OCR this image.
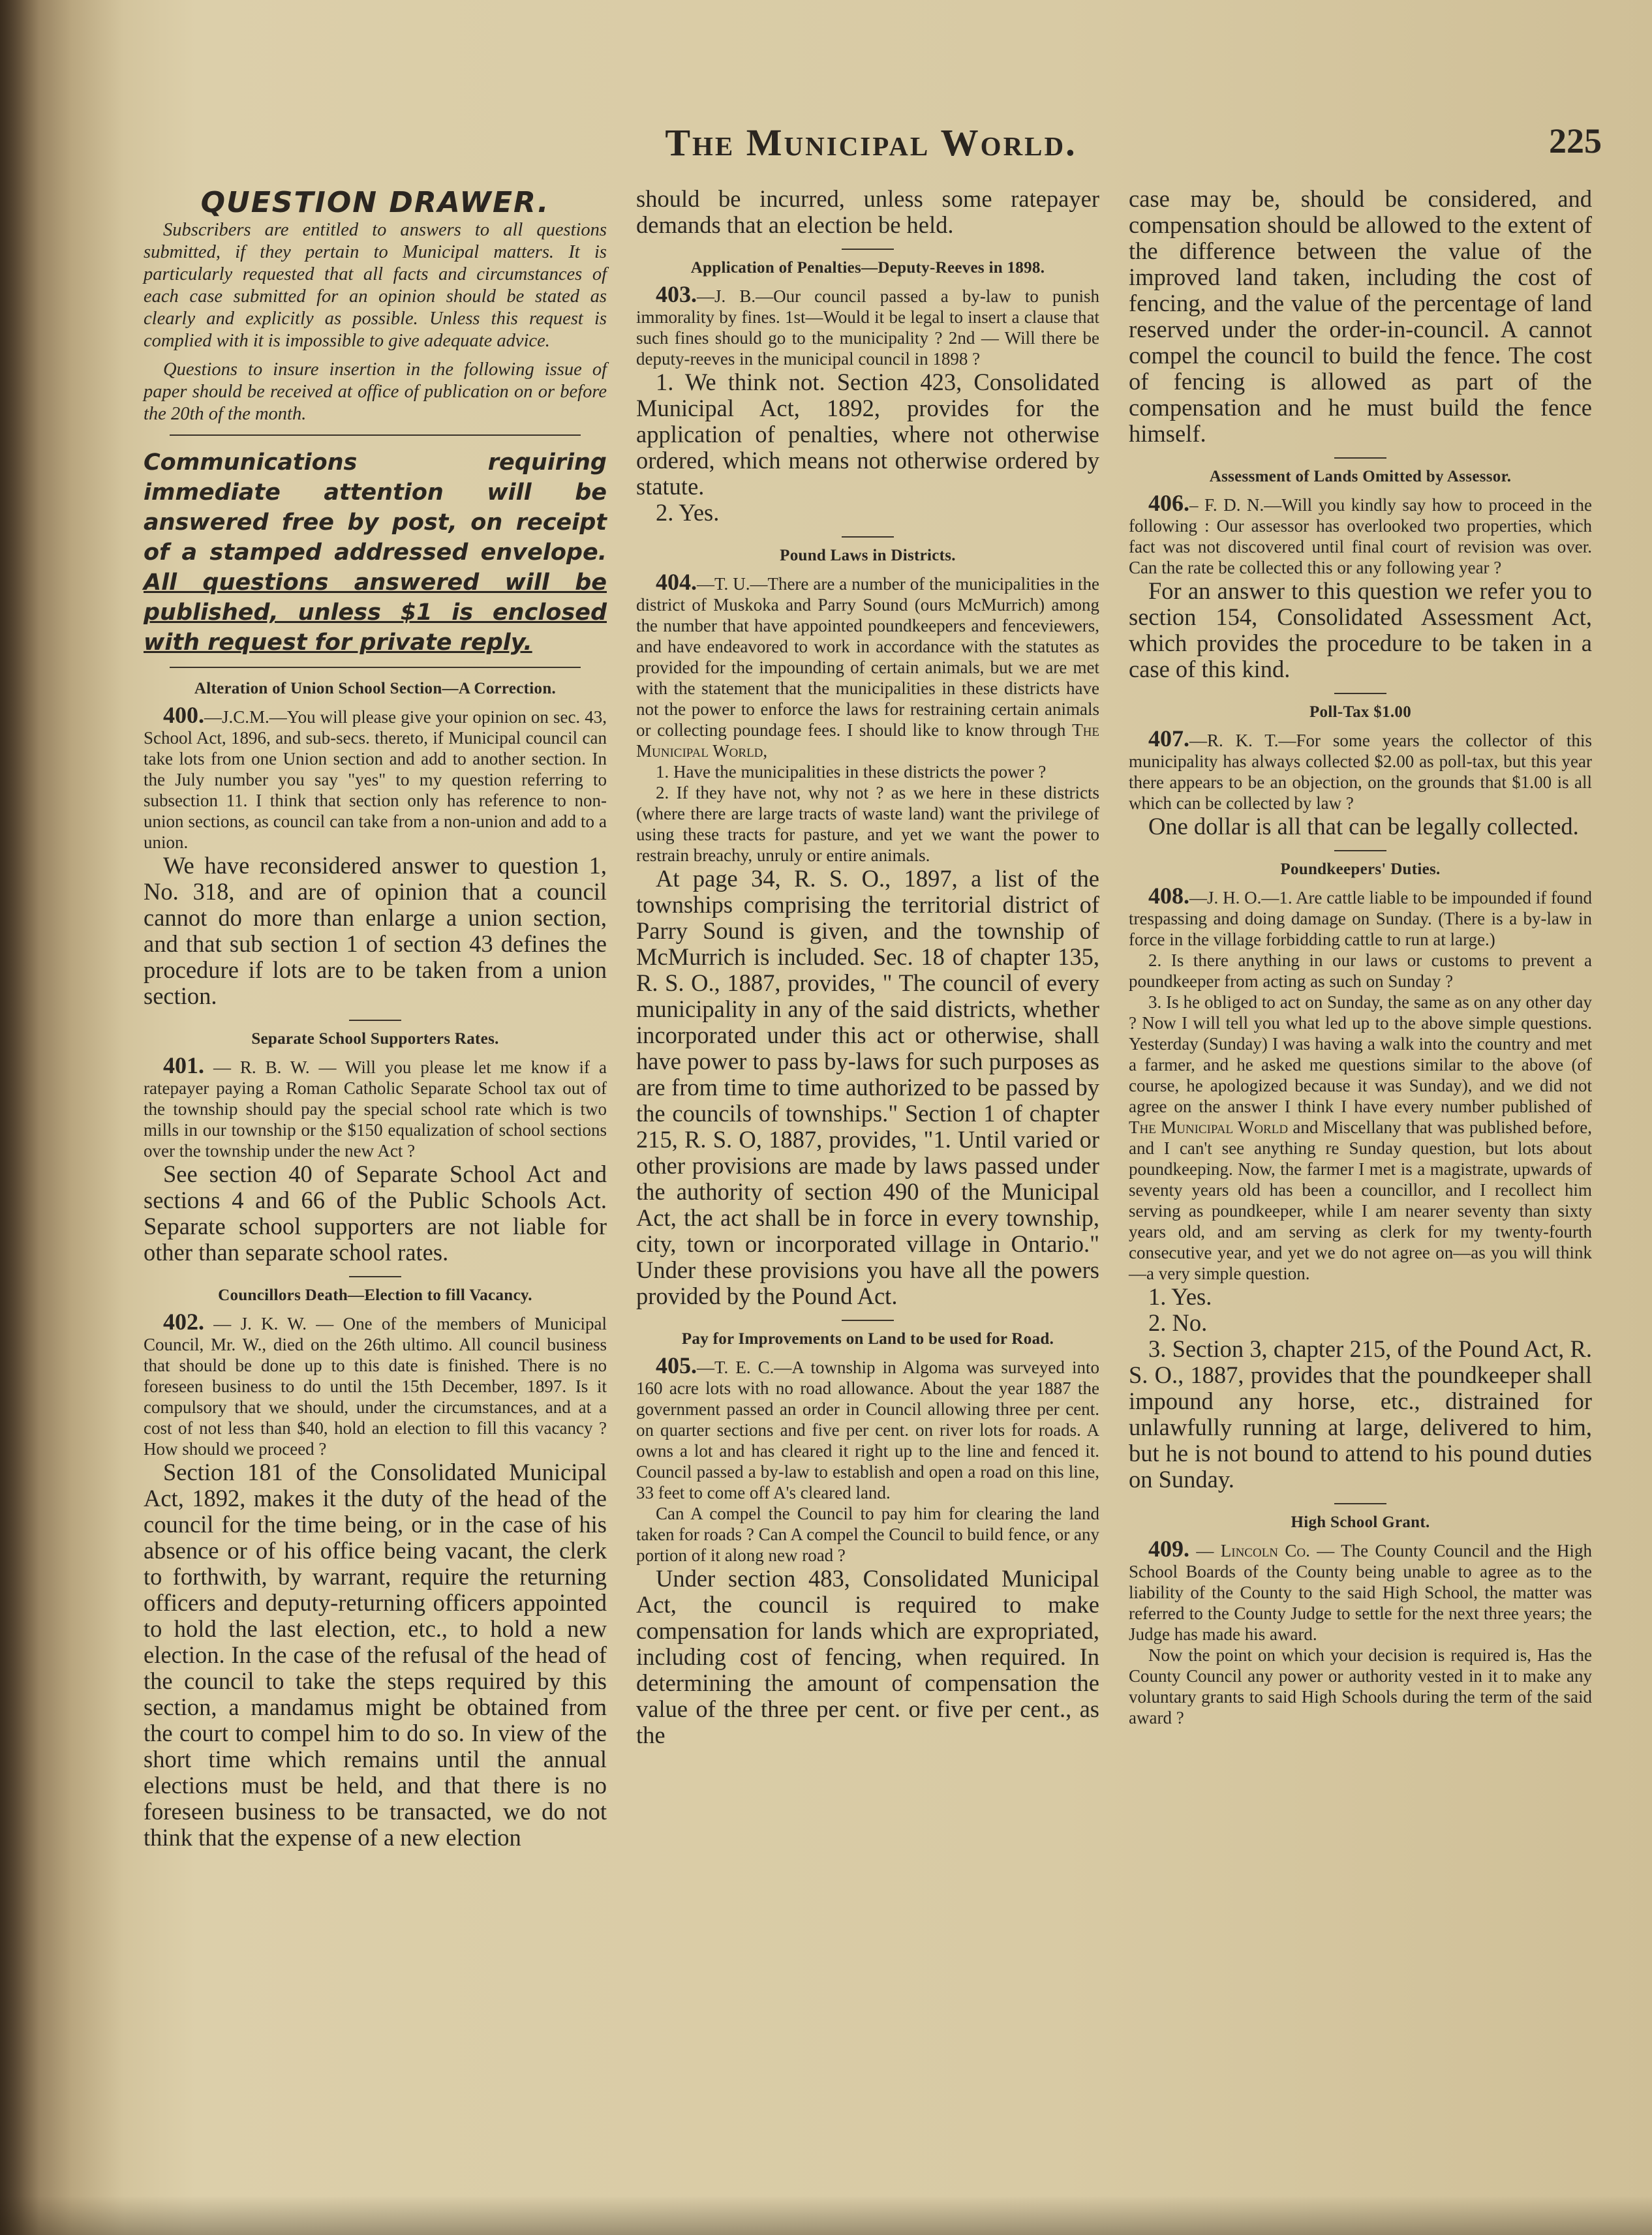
The Municipal World.	225

QUESTION DRAWER.

Subscribers are entitled to answers to all questions submitted, if they pertain to Municipal matters. It is particularly requested that all facts and circumstances of each case submitted for an opinion should be stated as clearly and explicitly as possible. Unless this request is complied with it is impossible to give adequate advice.

Questions to insure insertion in the following issue of paper should be received at office of publication on or before the 20th of the month.

Communications requiring immediate attention will be answered free by post, on receipt of a stamped addressed envelope. All questions answered will be published, unless $1 is enclosed with request for private reply.

Alteration of Union School Section—A Correction.

400.—J.C.M.—You will please give your opinion on sec. 43, School Act, 1896, and sub-secs. thereto, if Municipal council can take lots from one Union section and add to another section. In the July number you say "yes" to my question referring to subsection 11. I think that section only has reference to non-union sections, as council can take from a non-union and add to a union.

We have reconsidered answer to question 1, No. 318, and are of opinion that a council cannot do more than enlarge a union section, and that sub section 1 of section 43 defines the procedure if lots are to be taken from a union section.

Separate School Supporters Rates.

401. — R. B. W. — Will you please let me know if a ratepayer paying a Roman Catholic Separate School tax out of the township should pay the special school rate which is two mills in our township or the $150 equalization of school sections over the township under the new Act ?

See section 40 of Separate School Act and sections 4 and 66 of the Public Schools Act. Separate school supporters are not liable for other than separate school rates.

Councillors Death—Election to fill Vacancy.

402. — J. K. W. — One of the members of Municipal Council, Mr. W., died on the 26th ultimo. All council business that should be done up to this date is finished. There is no foreseen business to do until the 15th December, 1897. Is it compulsory that we should, under the circumstances, and at a cost of not less than $40, hold an election to fill this vacancy ? How should we proceed ?

Section 181 of the Consolidated Municipal Act, 1892, makes it the duty of the head of the council for the time being, or in the case of his absence or of his office being vacant, the clerk to forthwith, by warrant, require the returning officers and deputy-returning officers appointed to hold the last election, etc., to hold a new election. In the case of the refusal of the head of the council to take the steps required by this section, a mandamus might be obtained from the court to compel him to do so. In view of the short time which remains until the annual elections must be held, and that there is no foreseen business to be transacted, we do not think that the expense of a new election

should be incurred, unless some ratepayer demands that an election be held.

Application of Penalties—Deputy-Reeves in 1898.

403.—J. B.—Our council passed a by-law to punish immorality by fines. 1st—Would it be legal to insert a clause that such fines should go to the municipality ? 2nd — Will there be deputy-reeves in the municipal council in 1898 ?

1. We think not. Section 423, Consolidated Municipal Act, 1892, provides for the application of penalties, where not otherwise ordered, which means not otherwise ordered by statute.

2. Yes.

Pound Laws in Districts.

404.—T. U.—There are a number of the municipalities in the district of Muskoka and Parry Sound (ours McMurrich) among the number that have appointed poundkeepers and fenceviewers, and have endeavored to work in accordance with the statutes as provided for the impounding of certain animals, but we are met with the statement that the municipalities in these districts have not the power to enforce the laws for restraining certain animals or collecting poundage fees. I should like to know through The Municipal World,

1. Have the municipalities in these districts the power ?

2. If they have not, why not ? as we here in these districts (where there are large tracts of waste land) want the privilege of using these tracts for pasture, and yet we want the power to restrain breachy, unruly or entire animals.

At page 34, R. S. O., 1897, a list of the townships comprising the territorial district of Parry Sound is given, and the township of McMurrich is included. Sec. 18 of chapter 135, R. S. O., 1887, provides, " The council of every municipality in any of the said districts, whether incorporated under this act or otherwise, shall have power to pass by-laws for such purposes as are from time to time authorized to be passed by the councils of townships." Section 1 of chapter 215, R. S. O, 1887, provides, "1. Until varied or other provisions are made by laws passed under the authority of section 490 of the Municipal Act, the act shall be in force in every township, city, town or incorporated village in Ontario." Under these provisions you have all the powers provided by the Pound Act.

Pay for Improvements on Land to be used for Road.

405.—T. E. C.—A township in Algoma was surveyed into 160 acre lots with no road allowance. About the year 1887 the government passed an order in Council allowing three per cent. on quarter sections and five per cent. on river lots for roads. A owns a lot and has cleared it right up to the line and fenced it. Council passed a by-law to establish and open a road on this line, 33 feet to come off A's cleared land.

Can A compel the Council to pay him for clearing the land taken for roads ? Can A compel the Council to build fence, or any portion of it along new road ?

Under section 483, Consolidated Municipal Act, the council is required to make compensation for lands which are expropriated, including cost of fencing, when required. In determining the amount of compensation the value of the three per cent. or five per cent., as the

case may be, should be considered, and compensation should be allowed to the extent of the difference between the value of the improved land taken, including the cost of fencing, and the value of the percentage of land reserved under the order-in-council. A cannot compel the council to build the fence. The cost of fencing is allowed as part of the compensation and he must build the fence himself.

Assessment of Lands Omitted by Assessor.

406.– F. D. N.—Will you kindly say how to proceed in the following : Our assessor has overlooked two properties, which fact was not discovered until final court of revision was over. Can the rate be collected this or any following year ?

For an answer to this question we refer you to section 154, Consolidated Assessment Act, which provides the procedure to be taken in a case of this kind.

Poll-Tax $1.00

407.—R. K. T.—For some years the collector of this municipality has always collected $2.00 as poll-tax, but this year there appears to be an objection, on the grounds that $1.00 is all which can be collected by law ?

One dollar is all that can be legally collected.

Poundkeepers' Duties.

408.—J. H. O.—1. Are cattle liable to be impounded if found trespassing and doing damage on Sunday. (There is a by-law in force in the village forbidding cattle to run at large.)

2. Is there anything in our laws or customs to prevent a poundkeeper from acting as such on Sunday ?

3. Is he obliged to act on Sunday, the same as on any other day ? Now I will tell you what led up to the above simple questions. Yesterday (Sunday) I was having a walk into the country and met a farmer, and he asked me questions similar to the above (of course, he apologized because it was Sunday), and we did not agree on the answer I think I have every number published of The Municipal World and Miscellany that was published before, and I can't see anything re Sunday question, but lots about poundkeeping. Now, the farmer I met is a magistrate, upwards of seventy years old has been a councillor, and I recollect him serving as poundkeeper, while I am nearer seventy than sixty years old, and am serving as clerk for my twenty-fourth consecutive year, and yet we do not agree on—as you will think —a very simple question.

1. Yes.

2. No.

3. Section 3, chapter 215, of the Pound Act, R. S. O., 1887, provides that the poundkeeper shall impound any horse, etc., distrained for unlawfully running at large, delivered to him, but he is not bound to attend to his pound duties on Sunday.

High School Grant.

409. — Lincoln Co. — The County Council and the High School Boards of the County being unable to agree as to the liability of the County to the said High School, the matter was referred to the County Judge to settle for the next three years; the Judge has made his award.

Now the point on which your decision is required is, Has the County Council any power or authority vested in it to make any voluntary grants to said High Schools during the term of the said award ?
